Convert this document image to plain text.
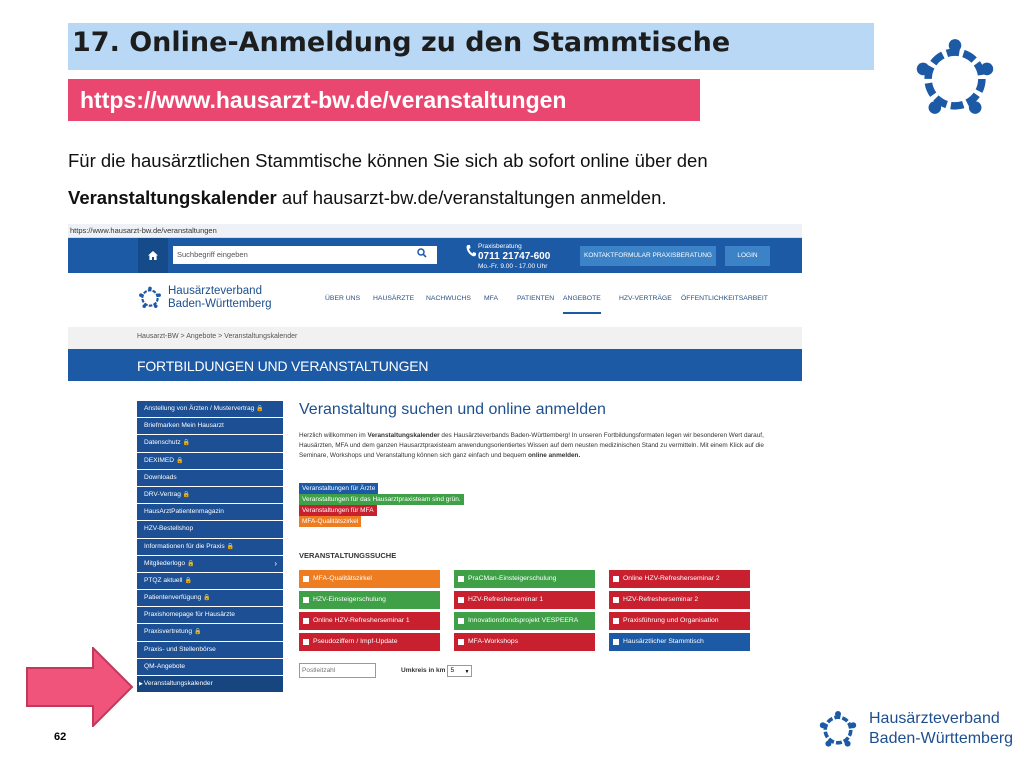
17. Online-Anmeldung zu den Stammtische
https://www.hausarzt-bw.de/veranstaltungen
Für die hausärztlichen Stammtische können Sie sich ab sofort online über den
Veranstaltungskalender auf hausarzt-bw.de/veranstaltungen anmelden.
https://www.hausarzt-bw.de/veranstaltungen
Suchbegriff eingeben
Praxisberatung
0711 21747-600
Mo.-Fr. 9.00 - 17.00 Uhr
KONTAKTFORMULAR PRAXISBERATUNG	LOGIN
Hausärzteverband
Baden-Württemberg	ÜBER UNS HAUSÄRZTE NACHWUCHS MFA	PATIENTEN ANGEBOTE	HZV-VERTRÄGE ÖFFENTLICHKEITSARBEIT
Hausarzt-BW > Angebote > Veranstaltungskalender
FORTBILDUNGEN UND VERANSTALTUNGEN
Anstellung von Ärzten / Mustervertrag 🔒
Briefmarken Mein Hausarzt
Datenschutz 🔒
DEXIMED 🔒
Downloads
DRV-Vertrag 🔒
HausArztPatientenmagazin
HZV-Bestellshop
Informationen für die Praxis 🔒
Mitgliederlogo 🔒	›
PTQZ aktuell 🔒
Patientenverfügung 🔒
Praxishomepage für Hausärzte
Praxisvertretung 🔒
Praxis- und Stellenbörse
QM-Angebote
▶Veranstaltungskalender
Veranstaltung suchen und online anmelden
Herzlich willkommen im Veranstaltungskalender des Hausärzteverbands Baden-Württemberg! In unseren Fortbildungsformaten legen wir besonderen Wert darauf, Hausärzten, MFA und dem ganzen Hausarztpraxisteam anwendungsorientiertes Wissen auf dem neusten medizinischen Stand zu vermitteln. Mit einem Klick auf die Seminare, Workshops und Veranstaltung können sich ganz einfach und bequem online anmelden.
Veranstaltungen für Ärzte
Veranstaltungen für das Hausarztpraxisteam sind grün.
Veranstaltungen für MFA
MFA-Qualitätszirkel
VERANSTALTUNGSSUCHE
MFA-Qualitätszirkel	PraCMan-Einsteigerschulung	Online HZV-Refresherseminar 2
HZV-Einsteigerschulung	HZV-Refresherseminar 1	HZV-Refresherseminar 2
Online HZV-Refresherseminar 1	Innovationsfondsprojekt VESPEERA	Praxisführung und Organisation
Pseudoziffern / Impf-Update	MFA-Workshops	Hausärztlicher Stammtisch
Postleitzahl	Umkreis in km 5 ▼
62
Hausärzteverband
Baden-Württemberg
